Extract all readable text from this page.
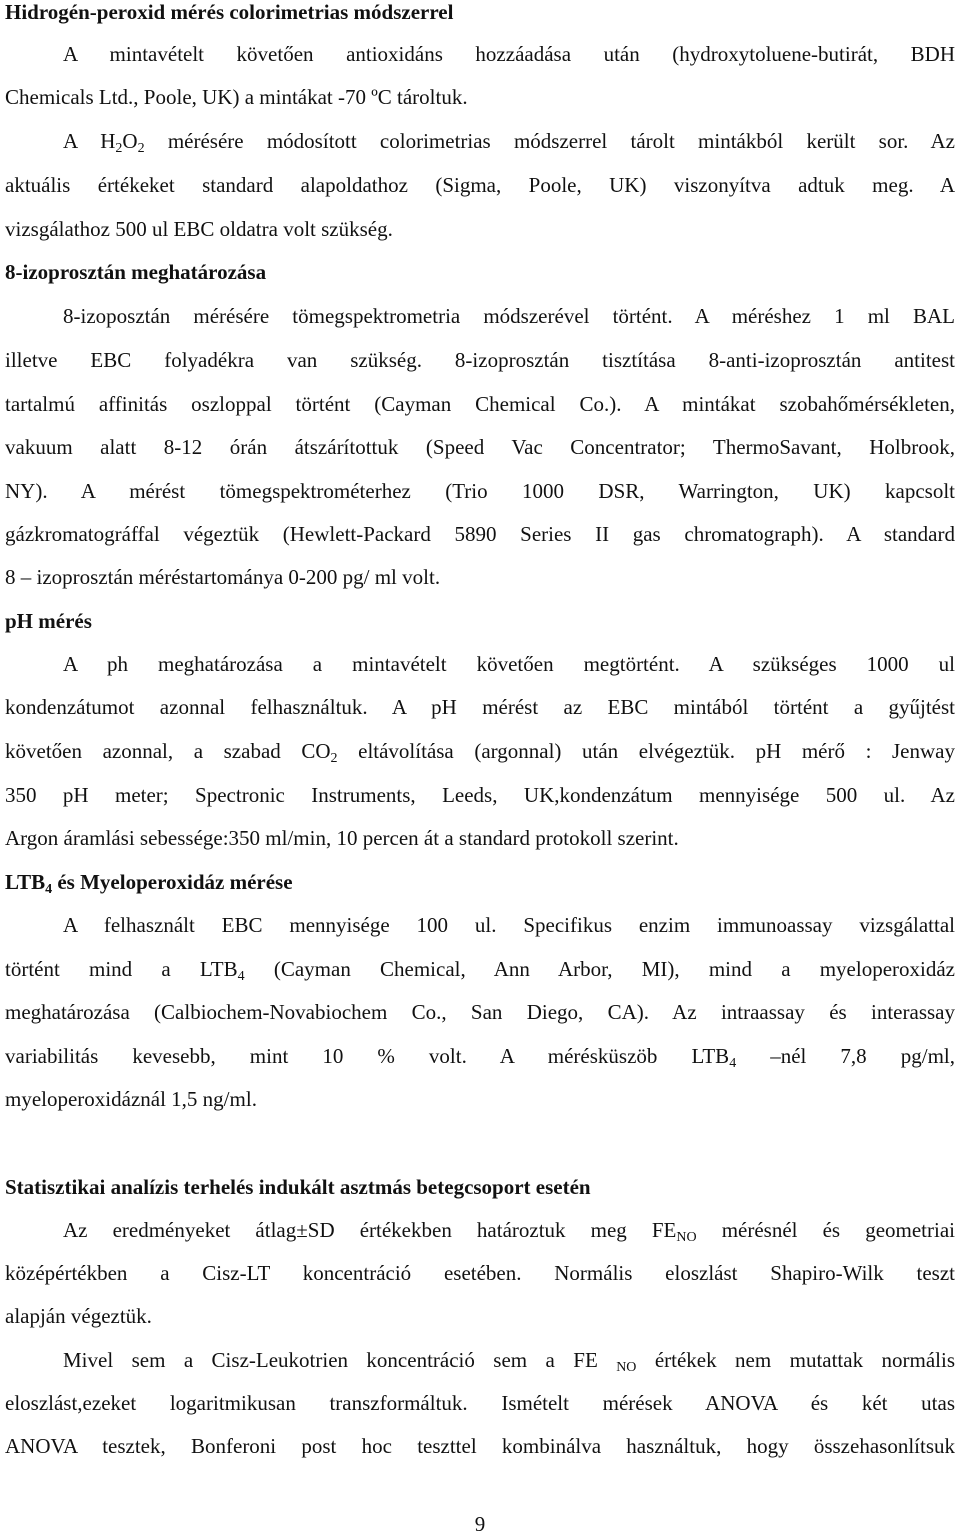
Hidrogén-peroxid mérés colorimetrias módszerrel
A mintavételt követően antioxidáns hozzáadása után (hydroxytoluene-butirát, BDH
Chemicals Ltd., Poole, UK) a mintákat -70 ºC tároltuk.
A $H_2O_2$ mérésére módosított colorimetrias módszerrel tárolt mintákból került sor. Az
aktuális értékeket standard alapoldathoz (Sigma, Poole, UK) viszonyítva adtuk meg. A
vizsgálathoz 500 ul EBC oldatra volt szükség.
8-izoprosztán meghatározása
8-izoposztán mérésére tömegspektrometria módszerével történt. A méréshez 1 ml BAL
illetve EBC folyadékra van szükség. 8-izoprosztán tisztítása 8-anti-izoprosztán antitest
tartalmú affinitás oszloppal történt (Cayman Chemical Co.). A mintákat szobahőmérsékleten,
vakuum alatt 8-12 órán átszárítottuk (Speed Vac Concentrator; ThermoSavant, Holbrook,
NY). A mérést tömegspektrométerhez (Trio 1000 DSR, Warrington, UK) kapcsolt
gázkromatográffal végeztük (Hewlett-Packard 5890 Series II gas chromatograph). A standard
8 – izoprosztán méréstartománya 0-200 pg/ ml volt.
pH mérés
A ph meghatározása a mintavételt követően megtörtént. A szükséges 1000 ul
kondenzátumot azonnal felhasználtuk. A pH mérést az EBC mintából történt a gyűjtést
követően azonnal, a szabad $CO_2$ eltávolítása (argonnal) után elvégeztük. pH mérő : Jenway
350 pH meter; Spectronic Instruments, Leeds, UK,kondenzátum mennyisége 500 ul. Az
Argon áramlási sebessége:350 ml/min, 10 percen át a standard protokoll szerint.
$LTB_4$ és Myeloperoxidáz mérése
A felhasznált EBC mennyisége 100 ul. Specifikus enzim immunoassay vizsgálattal
történt mind a $LTB_4$ (Cayman Chemical, Ann Arbor, MI), mind a myeloperoxidáz
meghatározása (Calbiochem-Novabiochem Co., San Diego, CA). Az intraassay és interassay
variabilitás kevesebb, mint 10 % volt. A mérésküszöb $LTB_4$ –nél 7,8 pg/ml,
myeloperoxidáznál 1,5 ng/ml.
Statisztikai analízis terhelés indukált asztmás betegcsoport esetén
Az eredményeket átlag±SD értékekben határoztuk meg $FE_{NO}$ mérésnél és geometriai
középértékben a Cisz-LT koncentráció esetében. Normális eloszlást Shapiro-Wilk teszt
alapján végeztük.
Mivel sem a Cisz-Leukotrien koncentráció sem a FE $_{NO}$ értékek nem mutattak normális
eloszlást,ezeket logaritmikusan transzformáltuk. Ismételt mérések ANOVA és két utas
ANOVA tesztek, Bonferoni post hoc teszttel kombinálva használtuk, hogy összehasonlítsuk
9
